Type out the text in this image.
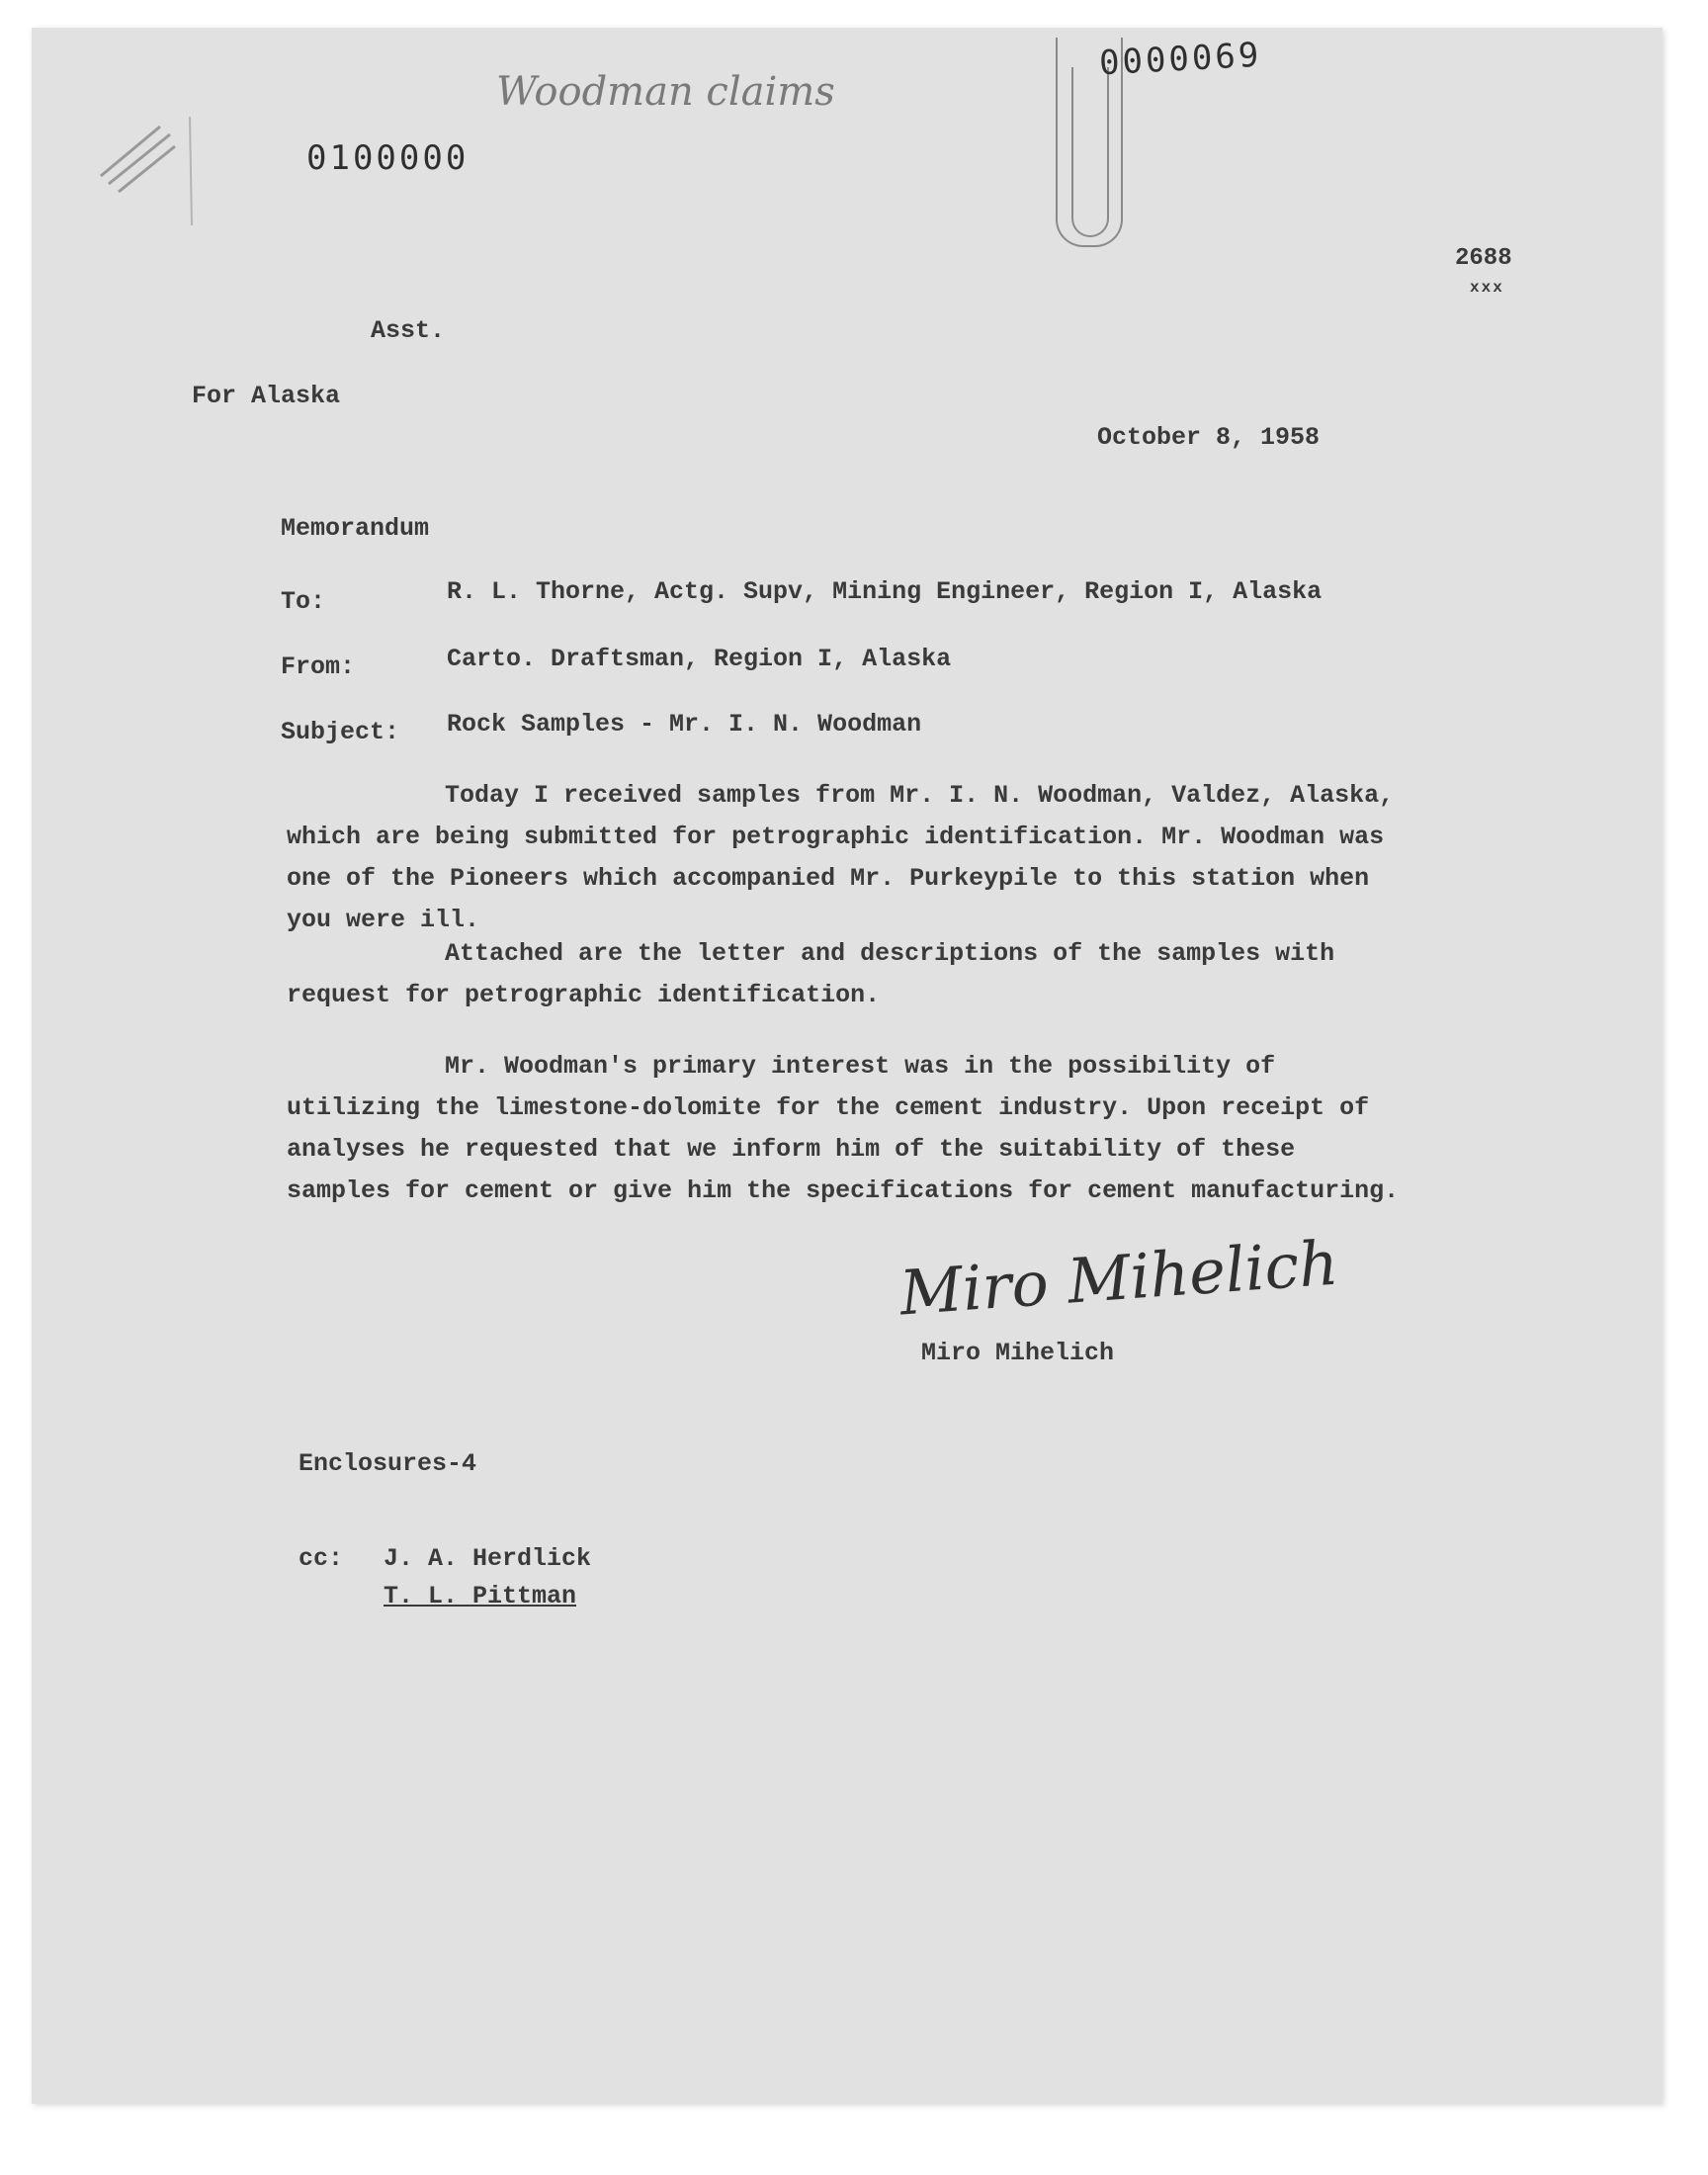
Woodman claims
0100000
0000069
2688
xxx
Asst.
For Alaska
October 8, 1958
Memorandum
To:	R. L. Thorne, Actg. Supv, Mining Engineer, Region I, Alaska
From:	Carto. Draftsman, Region I, Alaska
Subject: Rock Samples - Mr. I. N. Woodman
Today I received samples from Mr. I. N. Woodman, Valdez, Alaska, which are being submitted for petrographic identification. Mr. Woodman was one of the Pioneers which accompanied Mr. Purkeypile to this station when you were ill.
Attached are the letter and descriptions of the samples with request for petrographic identification.
Mr. Woodman's primary interest was in the possibility of utilizing the limestone-dolomite for the cement industry. Upon receipt of analyses he requested that we inform him of the suitability of these samples for cement or give him the specifications for cement manufacturing.
Miro Mihelich
Miro Mihelich
Enclosures-4
cc: J. A. Herdlick
T. L. Pittman
